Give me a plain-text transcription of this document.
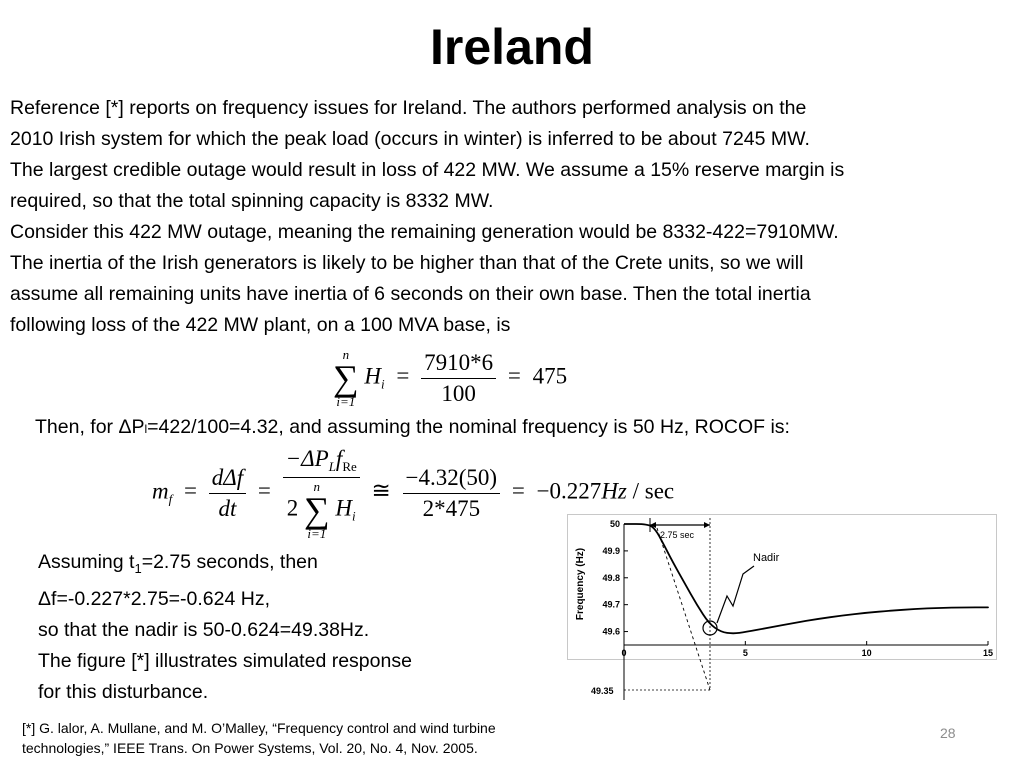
Ireland
Reference [*] reports on frequency issues for Ireland. The authors performed analysis on the
2010 Irish system for which the peak load (occurs in winter) is inferred to be about 7245 MW.
The largest credible outage would result in loss of 422 MW. We assume a 15% reserve margin is
required, so that the total spinning capacity is 8332 MW.
Consider this 422 MW outage, meaning the remaining generation would be 8332-422=7910MW.
The inertia of the Irish generators is likely to be higher than that of the Crete units, so we will
assume all remaining units have inertia of 6 seconds on their own base. Then the total inertia
following loss of the 422 MW plant, on a 100 MVA base, is
n
∑
i=1
$H_i = \frac{7910*6}{100} = 475$
Then, for ΔPl=422/100=4.32, and assuming the nominal frequency is 50 Hz, ROCOF is:
$m_f = \frac{\text{dΔf}}{dt} = -\Delta P_Lf_{Re}$
2
n
∑
i=1
$H_i$ ≅ $\frac{-4.32(50)}{2*475} = -0.227Hz / \sec$
Assuming $t_1=2.75$ seconds, then
Δf=-0.227*2.75=-0.624 Hz,
so that the nadir is 50-0.624=49.38Hz.
The figure [*] illustrates simulated response
for this disturbance.
Frequency (Hz)
50
49.9
49.8
49.7
49.6
0	5	10	15
2.75 sec
49.35
Nadir
[*] G. lalor, A. Mullane, and M. O’Malley, “Frequency control and wind turbine
technologies,” IEEE Trans. On Power Systems, Vol. 20, No. 4, Nov. 2005.
28
